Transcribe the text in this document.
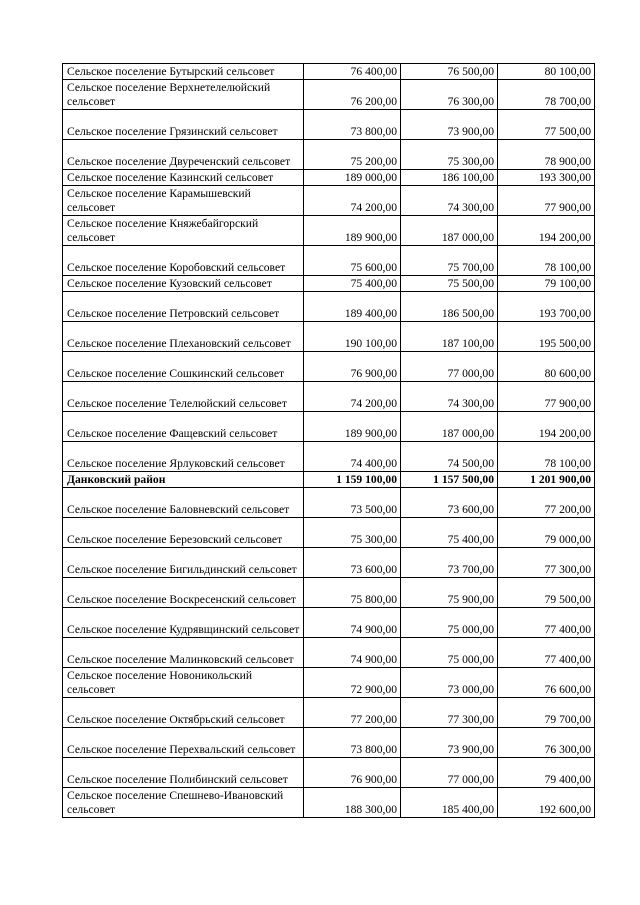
Сельское поселение Бутырский сельсовет	76 400,00	76 500,00	80 100,00
Сельское поселение Верхнетелелюйский сельсовет	76 200,00	76 300,00	78 700,00
Сельское поселение Грязинский сельсовет	73 800,00	73 900,00	77 500,00
Сельское поселение Двуреченский сельсовет	75 200,00	75 300,00	78 900,00
Сельское поселение Казинский сельсовет	189 000,00	186 100,00	193 300,00
Сельское поселение Карамышевский сельсовет	74 200,00	74 300,00	77 900,00
Сельское поселение Княжебайгорский сельсовет	189 900,00	187 000,00	194 200,00
Сельское поселение Коробовский сельсовет	75 600,00	75 700,00	78 100,00
Сельское поселение Кузовский сельсовет	75 400,00	75 500,00	79 100,00
Сельское поселение Петровский сельсовет	189 400,00	186 500,00	193 700,00
Сельское поселение Плехановский сельсовет	190 100,00	187 100,00	195 500,00
Сельское поселение Сошкинский сельсовет	76 900,00	77 000,00	80 600,00
Сельское поселение Телелюйский сельсовет	74 200,00	74 300,00	77 900,00
Сельское поселение Фащевский сельсовет	189 900,00	187 000,00	194 200,00
Сельское поселение Ярлуковский сельсовет	74 400,00	74 500,00	78 100,00
Данковский район	1 159 100,00	1 157 500,00	1 201 900,00
Сельское поселение Баловневский сельсовет	73 500,00	73 600,00	77 200,00
Сельское поселение Березовский сельсовет	75 300,00	75 400,00	79 000,00
Сельское поселение Бигильдинский сельсовет	73 600,00	73 700,00	77 300,00
Сельское поселение Воскресенский сельсовет	75 800,00	75 900,00	79 500,00
Сельское поселение Кудрявщинский сельсовет	74 900,00	75 000,00	77 400,00
Сельское поселение Малинковский сельсовет	74 900,00	75 000,00	77 400,00
Сельское поселение Новоникольский сельсовет	72 900,00	73 000,00	76 600,00
Сельское поселение Октябрьский сельсовет	77 200,00	77 300,00	79 700,00
Сельское поселение Перехвальский сельсовет	73 800,00	73 900,00	76 300,00
Сельское поселение Полибинский сельсовет	76 900,00	77 000,00	79 400,00
Сельское поселение Спешнево-Ивановский сельсовет	188 300,00	185 400,00	192 600,00
